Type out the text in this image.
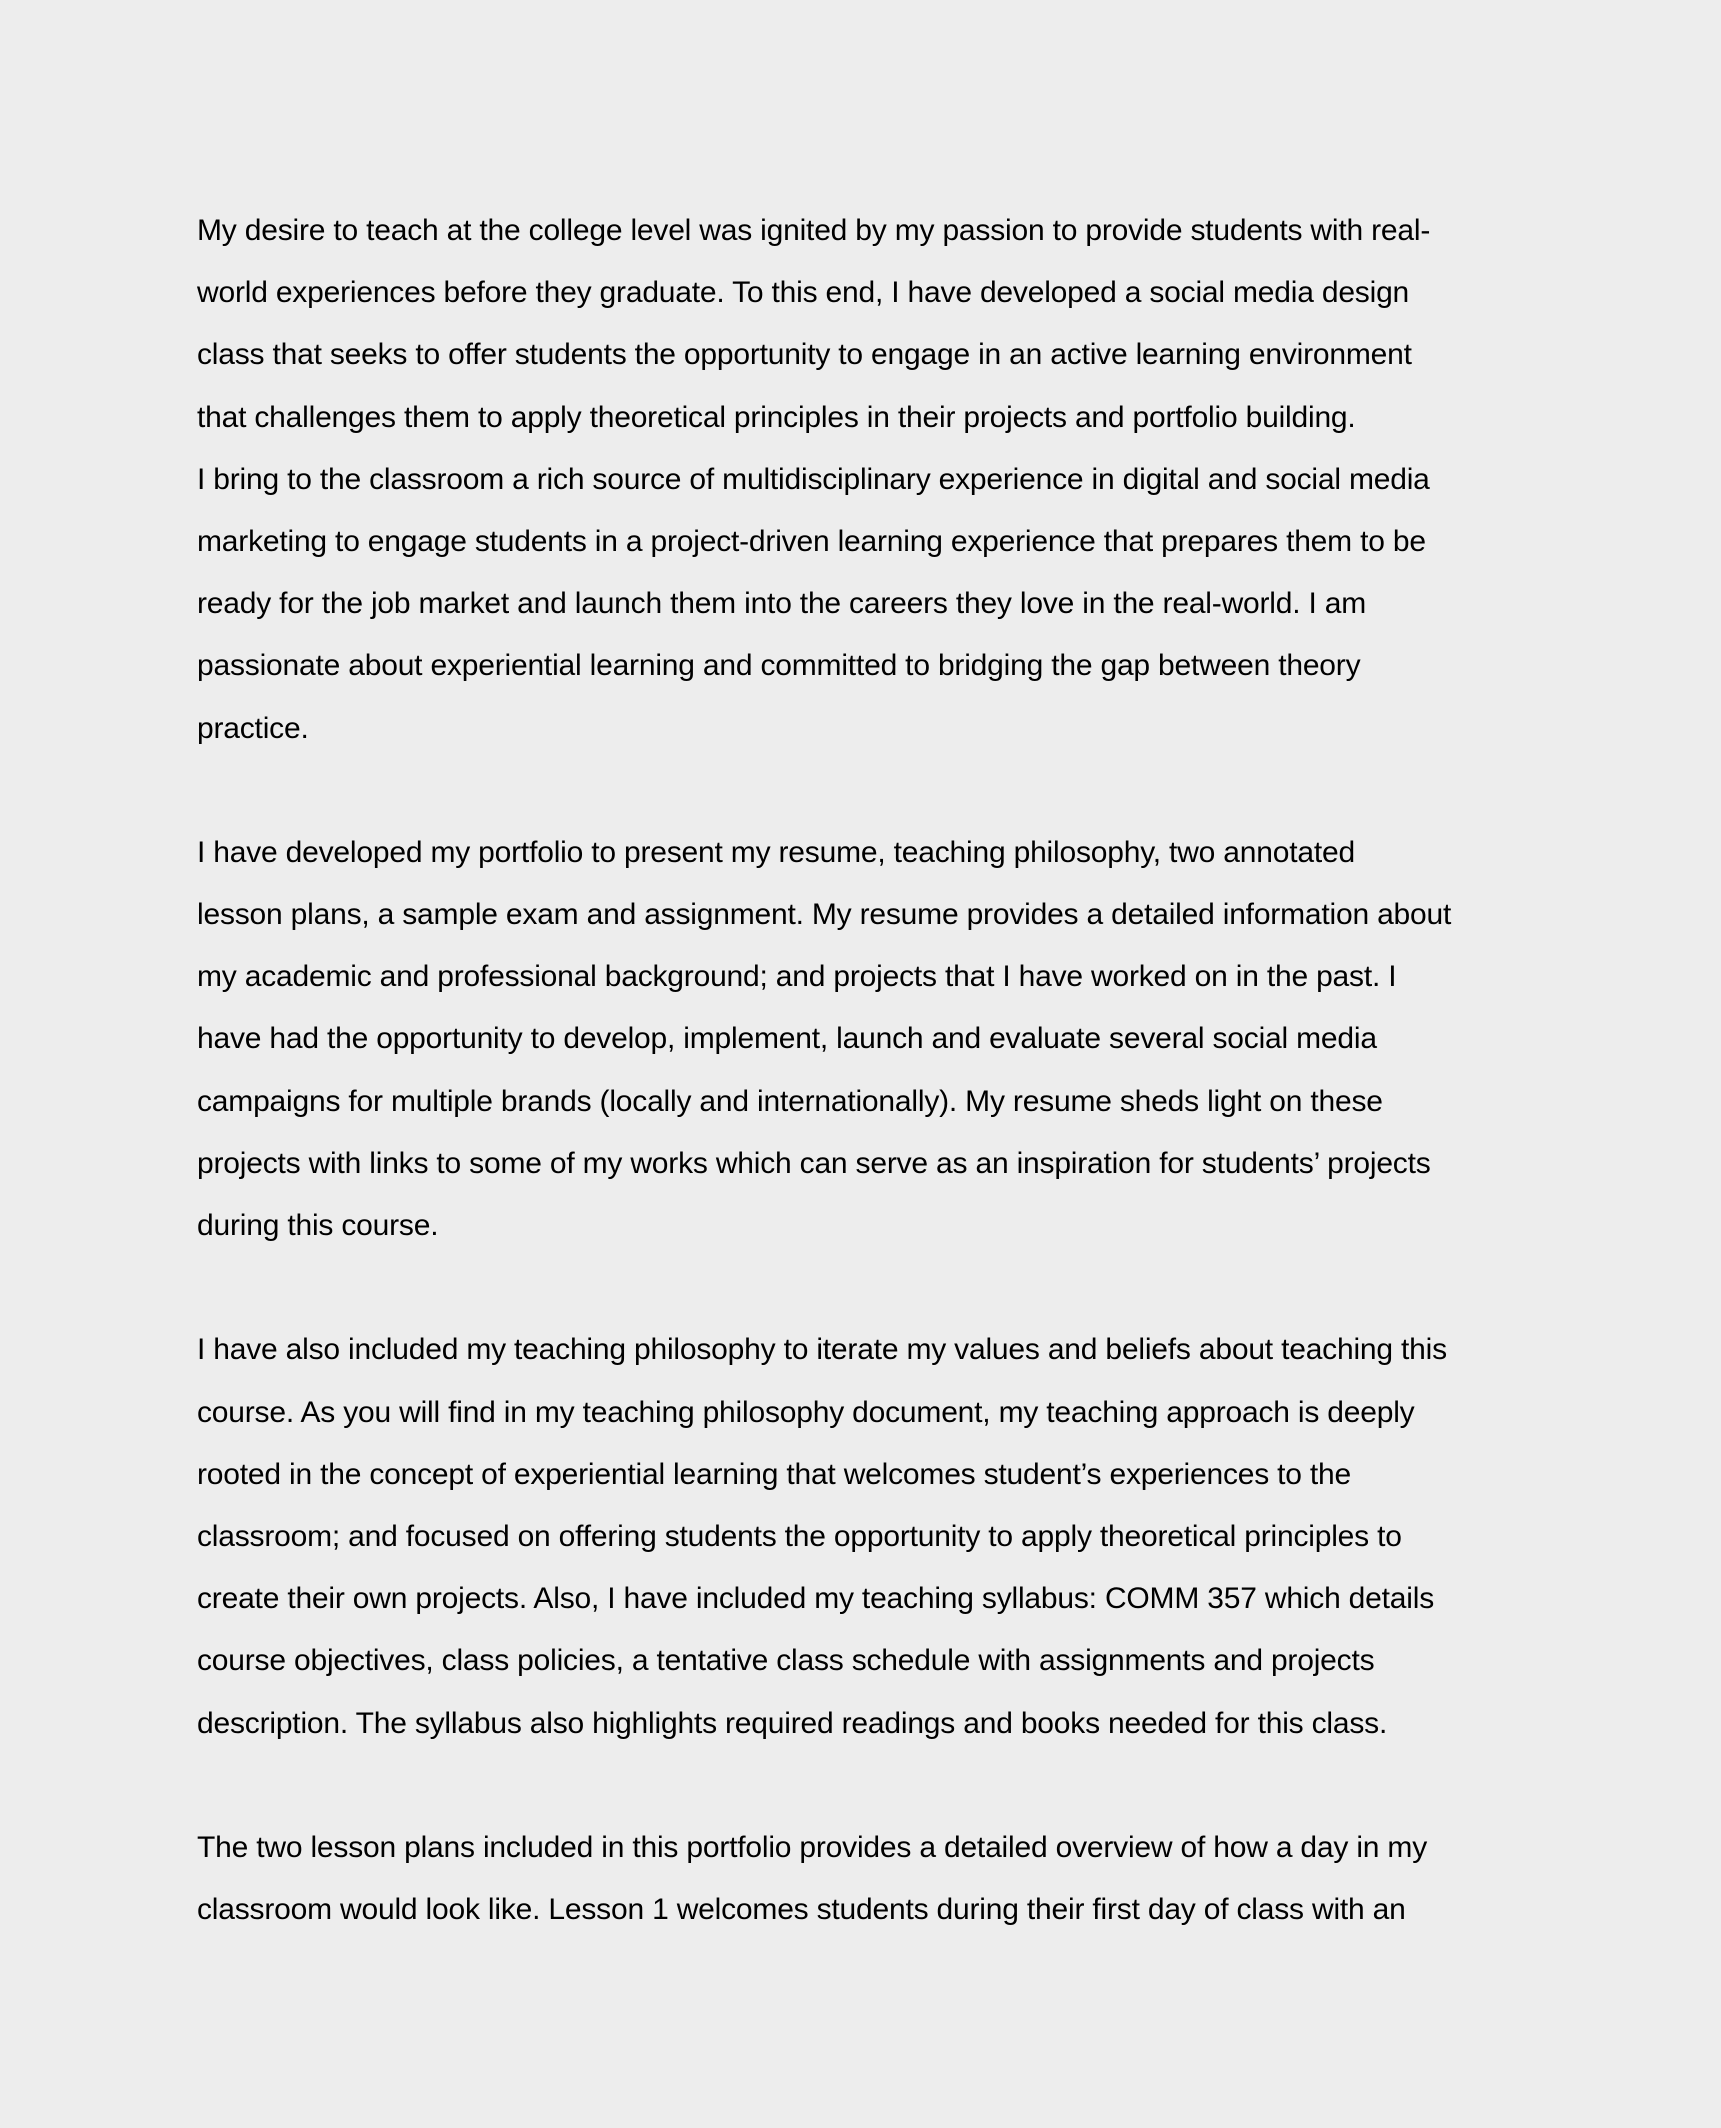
My desire to teach at the college level was ignited by my passion to provide students with real-
world experiences before they graduate. To this end, I have developed a social media design
class that seeks to offer students the opportunity to engage in an active learning environment
that challenges them to apply theoretical principles in their projects and portfolio building.
I bring to the classroom a rich source of multidisciplinary experience in digital and social media
marketing to engage students in a project-driven learning experience that prepares them to be
ready for the job market and launch them into the careers they love in the real-world. I am
passionate about experiential learning and committed to bridging the gap between theory
practice.
I have developed my portfolio to present my resume, teaching philosophy, two annotated
lesson plans, a sample exam and assignment. My resume provides a detailed information about
my academic and professional background; and projects that I have worked on in the past. I
have had the opportunity to develop, implement, launch and evaluate several social media
campaigns for multiple brands (locally and internationally). My resume sheds light on these
projects with links to some of my works which can serve as an inspiration for students’ projects
during this course.
I have also included my teaching philosophy to iterate my values and beliefs about teaching this
course. As you will find in my teaching philosophy document, my teaching approach is deeply
rooted in the concept of experiential learning that welcomes student’s experiences to the
classroom; and focused on offering students the opportunity to apply theoretical principles to
create their own projects. Also, I have included my teaching syllabus: COMM 357 which details
course objectives, class policies, a tentative class schedule with assignments and projects
description. The syllabus also highlights required readings and books needed for this class.
The two lesson plans included in this portfolio provides a detailed overview of how a day in my
classroom would look like. Lesson 1 welcomes students during their first day of class with an
